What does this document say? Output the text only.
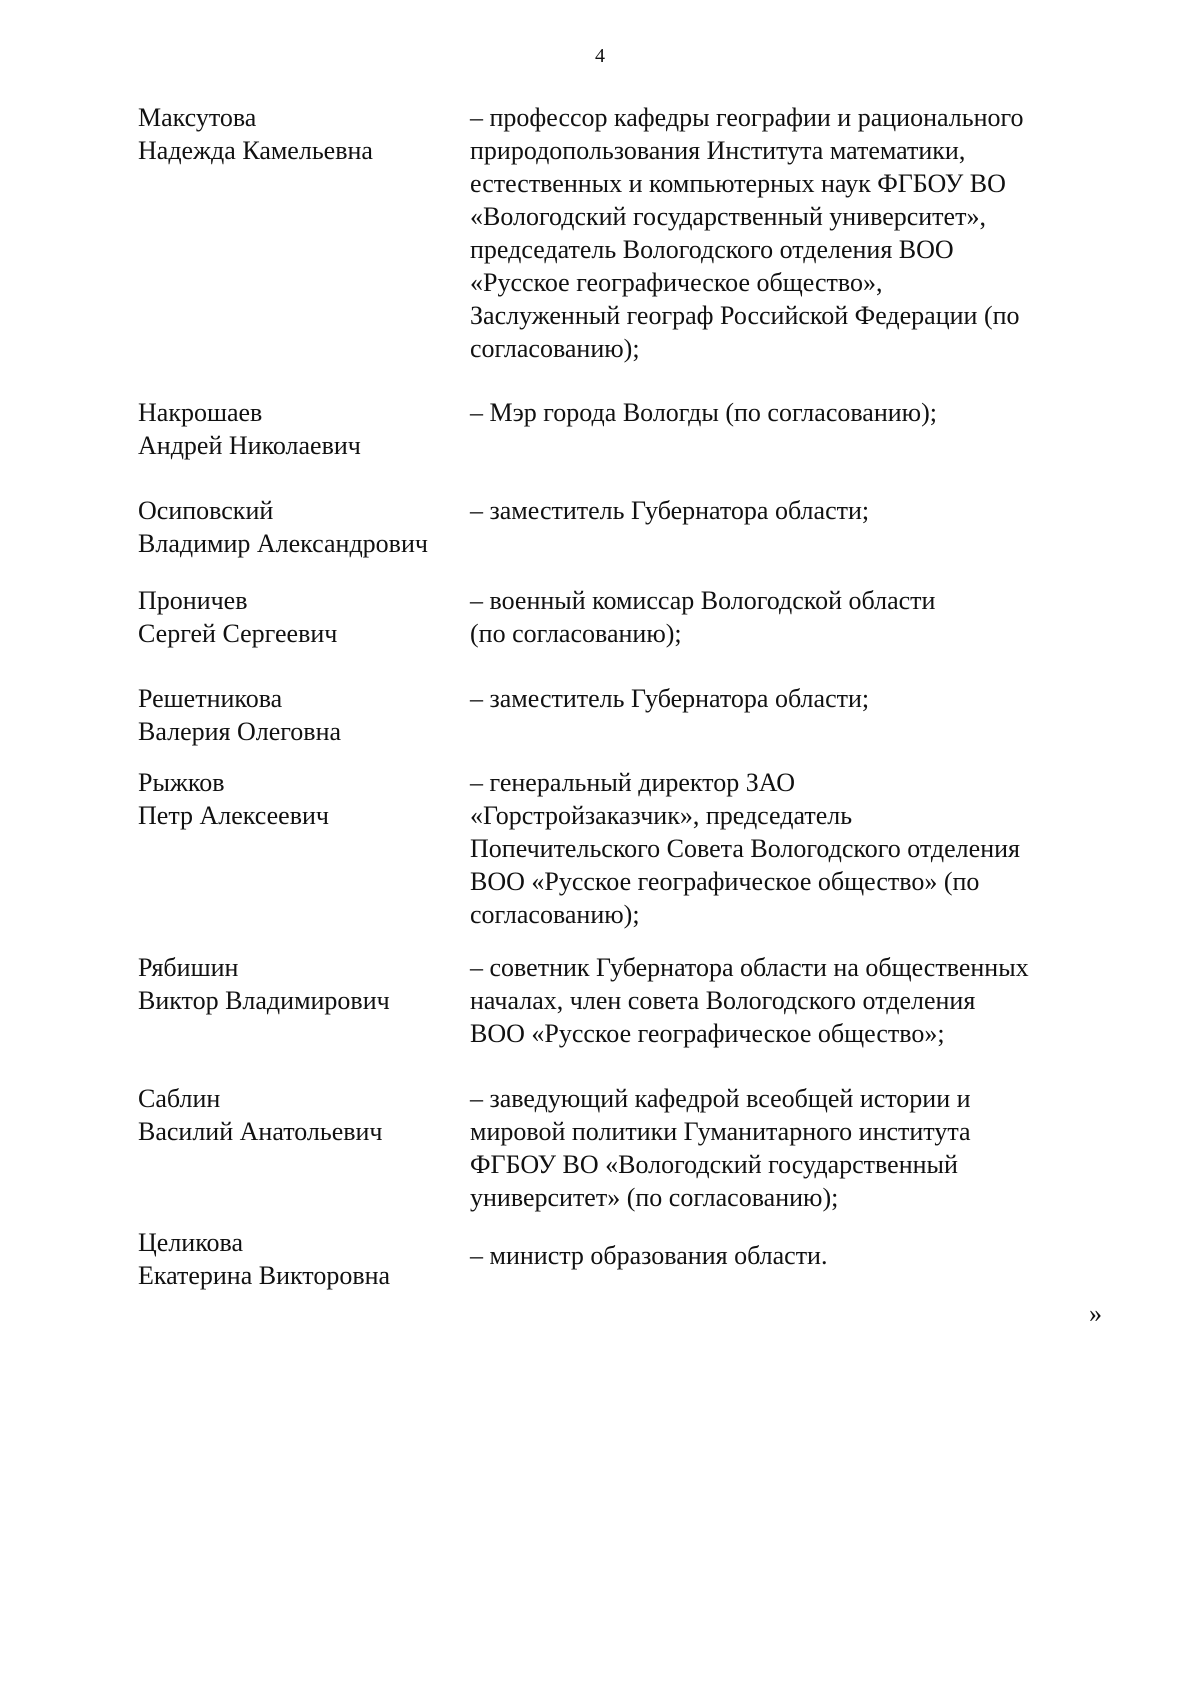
4
Максутова
Надежда Камельевна
– профессор кафедры географии и рационального
природопользования Института математики,
естественных и компьютерных наук ФГБОУ ВО
«Вологодский государственный университет»,
председатель Вологодского отделения ВОО
«Русское географическое общество»,
Заслуженный географ Российской Федерации (по
согласованию);
Накрошаев
Андрей Николаевич
– Мэр города Вологды (по согласованию);
Осиповский
Владимир Александрович
– заместитель Губернатора области;
Проничев
Сергей Сергеевич
– военный комиссар Вологодской области
(по согласованию);
Решетникова
Валерия Олеговна
– заместитель Губернатора области;
Рыжков
Петр Алексеевич
– генеральный директор ЗАО
«Горстройзаказчик», председатель
Попечительского Совета Вологодского отделения
ВОО «Русское географическое общество» (по
согласованию);
Рябишин
Виктор Владимирович
– советник Губернатора области на общественных
началах, член совета Вологодского отделения
ВОО «Русское географическое общество»;
Саблин
Василий Анатольевич
– заведующий кафедрой всеобщей истории и
мировой политики Гуманитарного института
ФГБОУ ВО «Вологодский государственный
университет» (по согласованию);
Целикова
Екатерина Викторовна
– министр образования области.
»
